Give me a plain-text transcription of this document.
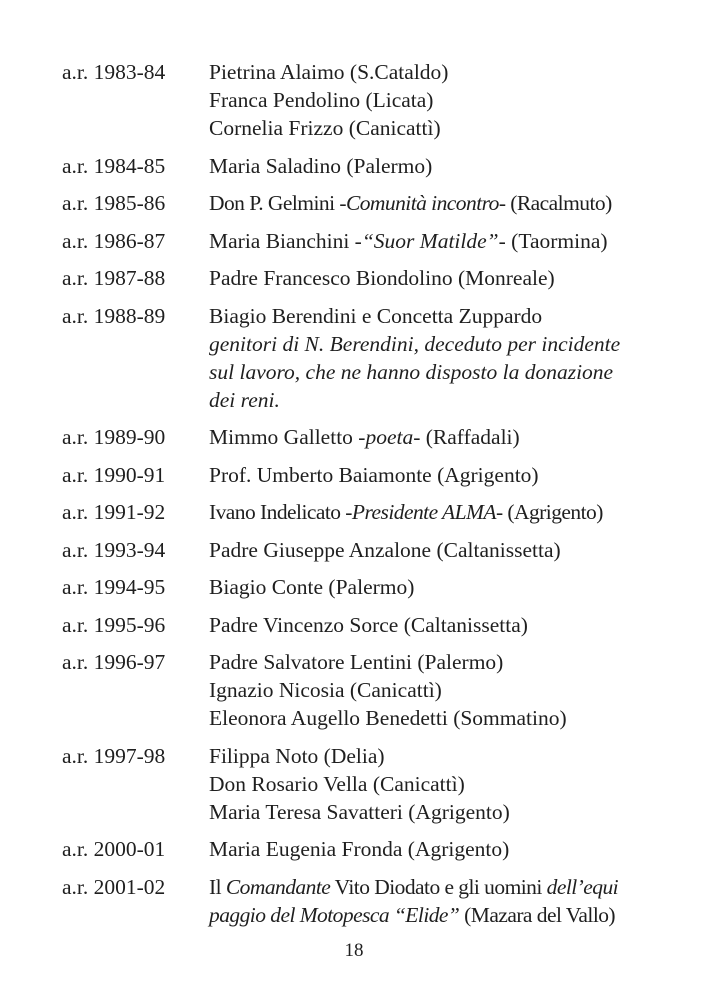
a.r. 1983-84	Pietrina Alaimo (S.Cataldo)
Franca Pendolino (Licata)
Cornelia Frizzo (Canicattì)
a.r. 1984-85	Maria Saladino (Palermo)
a.r. 1985-86	Don P. Gelmini -Comunità incontro- (Racalmuto)
a.r. 1986-87	Maria Bianchini -“Suor Matilde”- (Taormina)
a.r. 1987-88	Padre Francesco Biondolino (Monreale)
a.r. 1988-89	Biagio Berendini e Concetta Zuppardo
genitori di N. Berendini, deceduto per incidente
sul lavoro, che ne hanno disposto la donazione
dei reni.
a.r. 1989-90	Mimmo Galletto -poeta- (Raffadali)
a.r. 1990-91	Prof. Umberto Baiamonte (Agrigento)
a.r. 1991-92	Ivano Indelicato -Presidente ALMA- (Agrigento)
a.r. 1993-94	Padre Giuseppe Anzalone (Caltanissetta)
a.r. 1994-95	Biagio Conte (Palermo)
a.r. 1995-96	Padre Vincenzo Sorce (Caltanissetta)
a.r. 1996-97	Padre Salvatore Lentini (Palermo)
Ignazio Nicosia (Canicattì)
Eleonora Augello Benedetti (Sommatino)
a.r. 1997-98	Filippa Noto (Delia)
Don Rosario Vella (Canicattì)
Maria Teresa Savatteri (Agrigento)
a.r. 2000-01	Maria Eugenia Fronda (Agrigento)
a.r. 2001-02	Il Comandante Vito Diodato e gli uomini dell’equi
paggio del Motopesca “Elide” (Mazara del Vallo)
18
